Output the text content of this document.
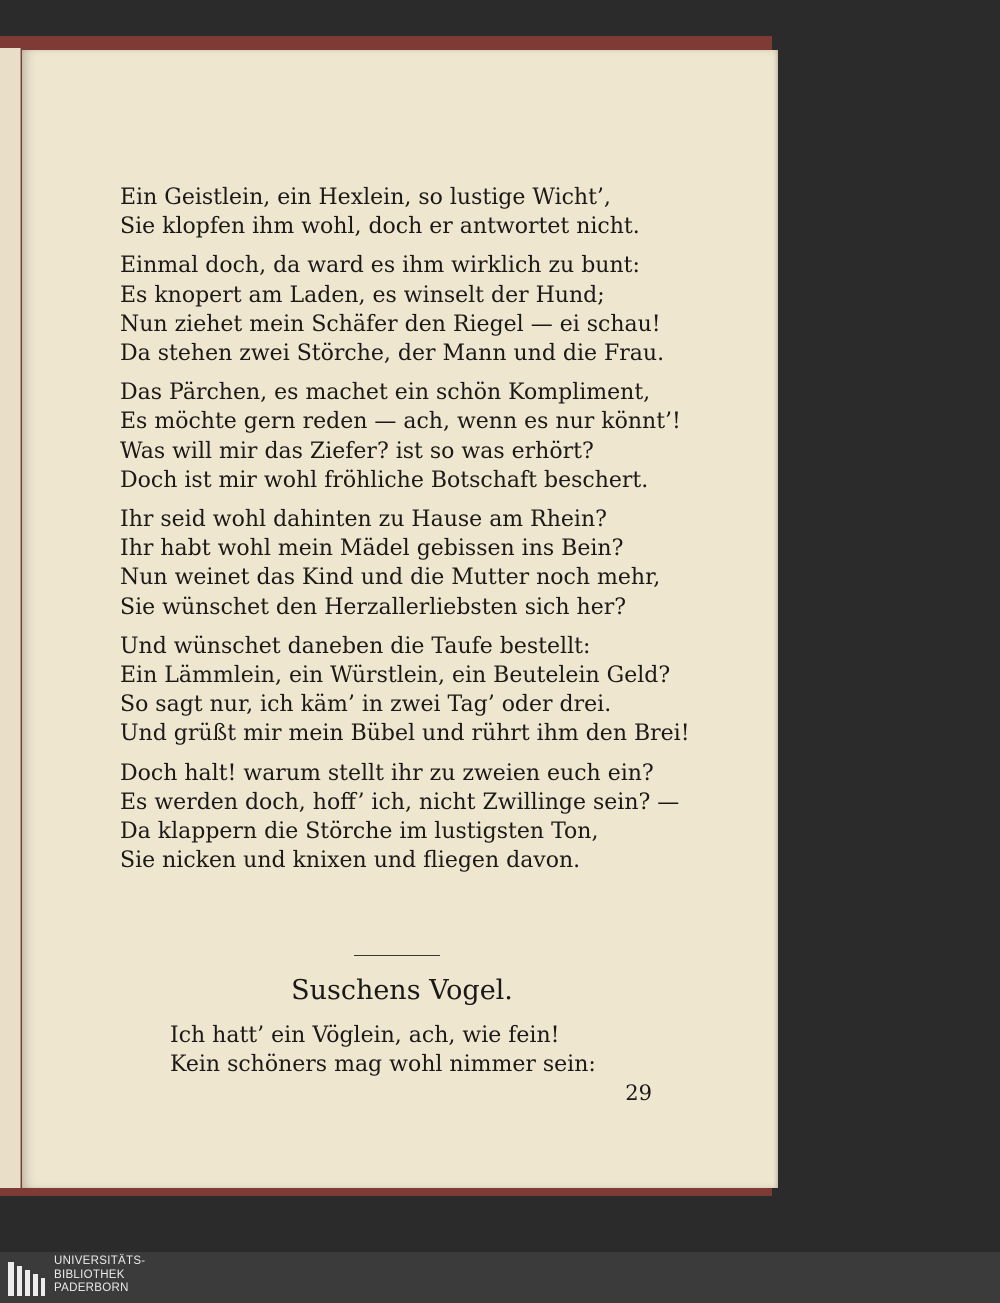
Ein Geistlein, ein Hexlein, so lustige Wicht’,
Sie klopfen ihm wohl, doch er antwortet nicht.
Einmal doch, da ward es ihm wirklich zu bunt:
Es knopert am Laden, es winselt der Hund;
Nun ziehet mein Schäfer den Riegel — ei schau!
Da stehen zwei Störche, der Mann und die Frau.
Das Pärchen, es machet ein schön Kompliment,
Es möchte gern reden — ach, wenn es nur könnt’!
Was will mir das Ziefer? ist so was erhört?
Doch ist mir wohl fröhliche Botschaft beschert.
Ihr seid wohl dahinten zu Hause am Rhein?
Ihr habt wohl mein Mädel gebissen ins Bein?
Nun weinet das Kind und die Mutter noch mehr,
Sie wünschet den Herzallerliebsten sich her?
Und wünschet daneben die Taufe bestellt:
Ein Lämmlein, ein Würstlein, ein Beutelein Geld?
So sagt nur, ich käm’ in zwei Tag’ oder drei.
Und grüßt mir mein Bübel und rührt ihm den Brei!
Doch halt! warum stellt ihr zu zweien euch ein?
Es werden doch, hoff’ ich, nicht Zwillinge sein? —
Da klappern die Störche im lustigsten Ton,
Sie nicken und knixen und fliegen davon.
Suschens Vogel.
Ich hatt’ ein Vöglein, ach, wie fein!
Kein schöners mag wohl nimmer sein:
29
UNIVERSITÄTS-
BIBLIOTHEK
PADERBORN
